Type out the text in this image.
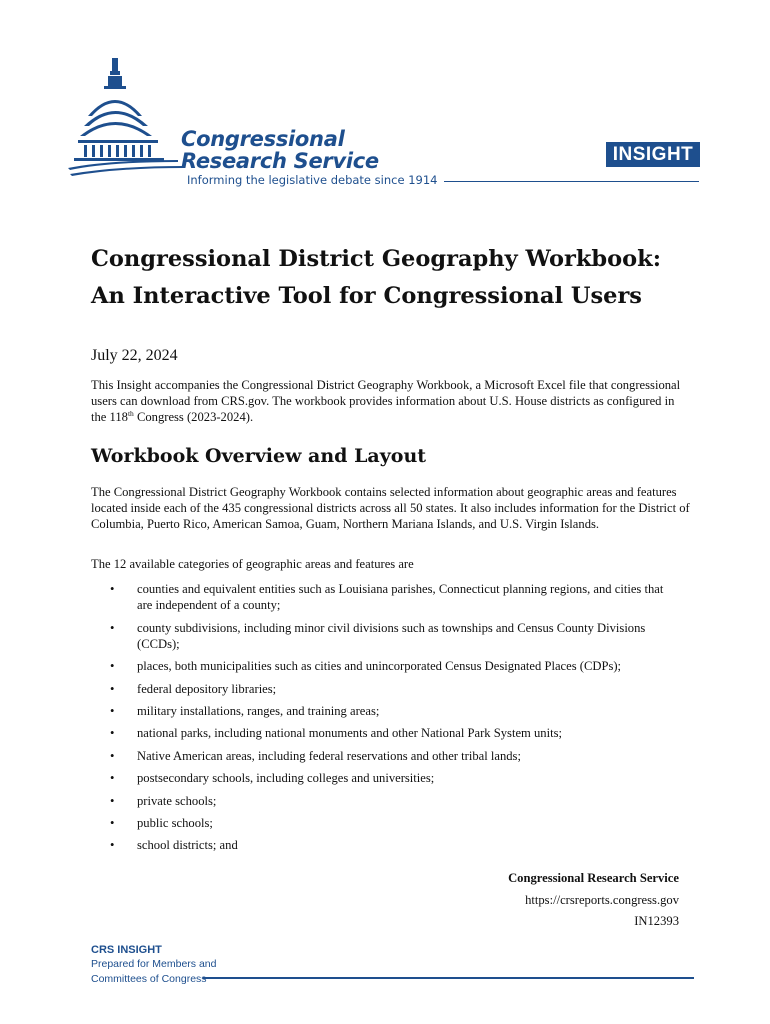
Congressional
Research Service
Informing the legislative debate since 1914
INSIGHT
Congressional District Geography Workbook:
An Interactive Tool for Congressional Users
July 22, 2024

This Insight accompanies the Congressional District Geography Workbook, a Microsoft Excel file that congressional users can download from CRS.gov. The workbook provides information about U.S. House districts as configured in the 118th Congress (2023-2024).

Workbook Overview and Layout

The Congressional District Geography Workbook contains selected information about geographic areas and features located inside each of the 435 congressional districts across all 50 states. It also includes information for the District of Columbia, Puerto Rico, American Samoa, Guam, Northern Mariana Islands, and U.S. Virgin Islands.

The 12 available categories of geographic areas and features are

• counties and equivalent entities such as Louisiana parishes, Connecticut planning regions, and cities that are independent of a county;
• county subdivisions, including minor civil divisions such as townships and Census County Divisions (CCDs);
• places, both municipalities such as cities and unincorporated Census Designated Places (CDPs);
• federal depository libraries;
• military installations, ranges, and training areas;
• national parks, including national monuments and other National Park System units;
• Native American areas, including federal reservations and other tribal lands;
• postsecondary schools, including colleges and universities;
• private schools;
• public schools;
• school districts; and
Congressional Research Service
https://crsreports.congress.gov
IN12393
CRS INSIGHT
Prepared for Members and
Committees of Congress
